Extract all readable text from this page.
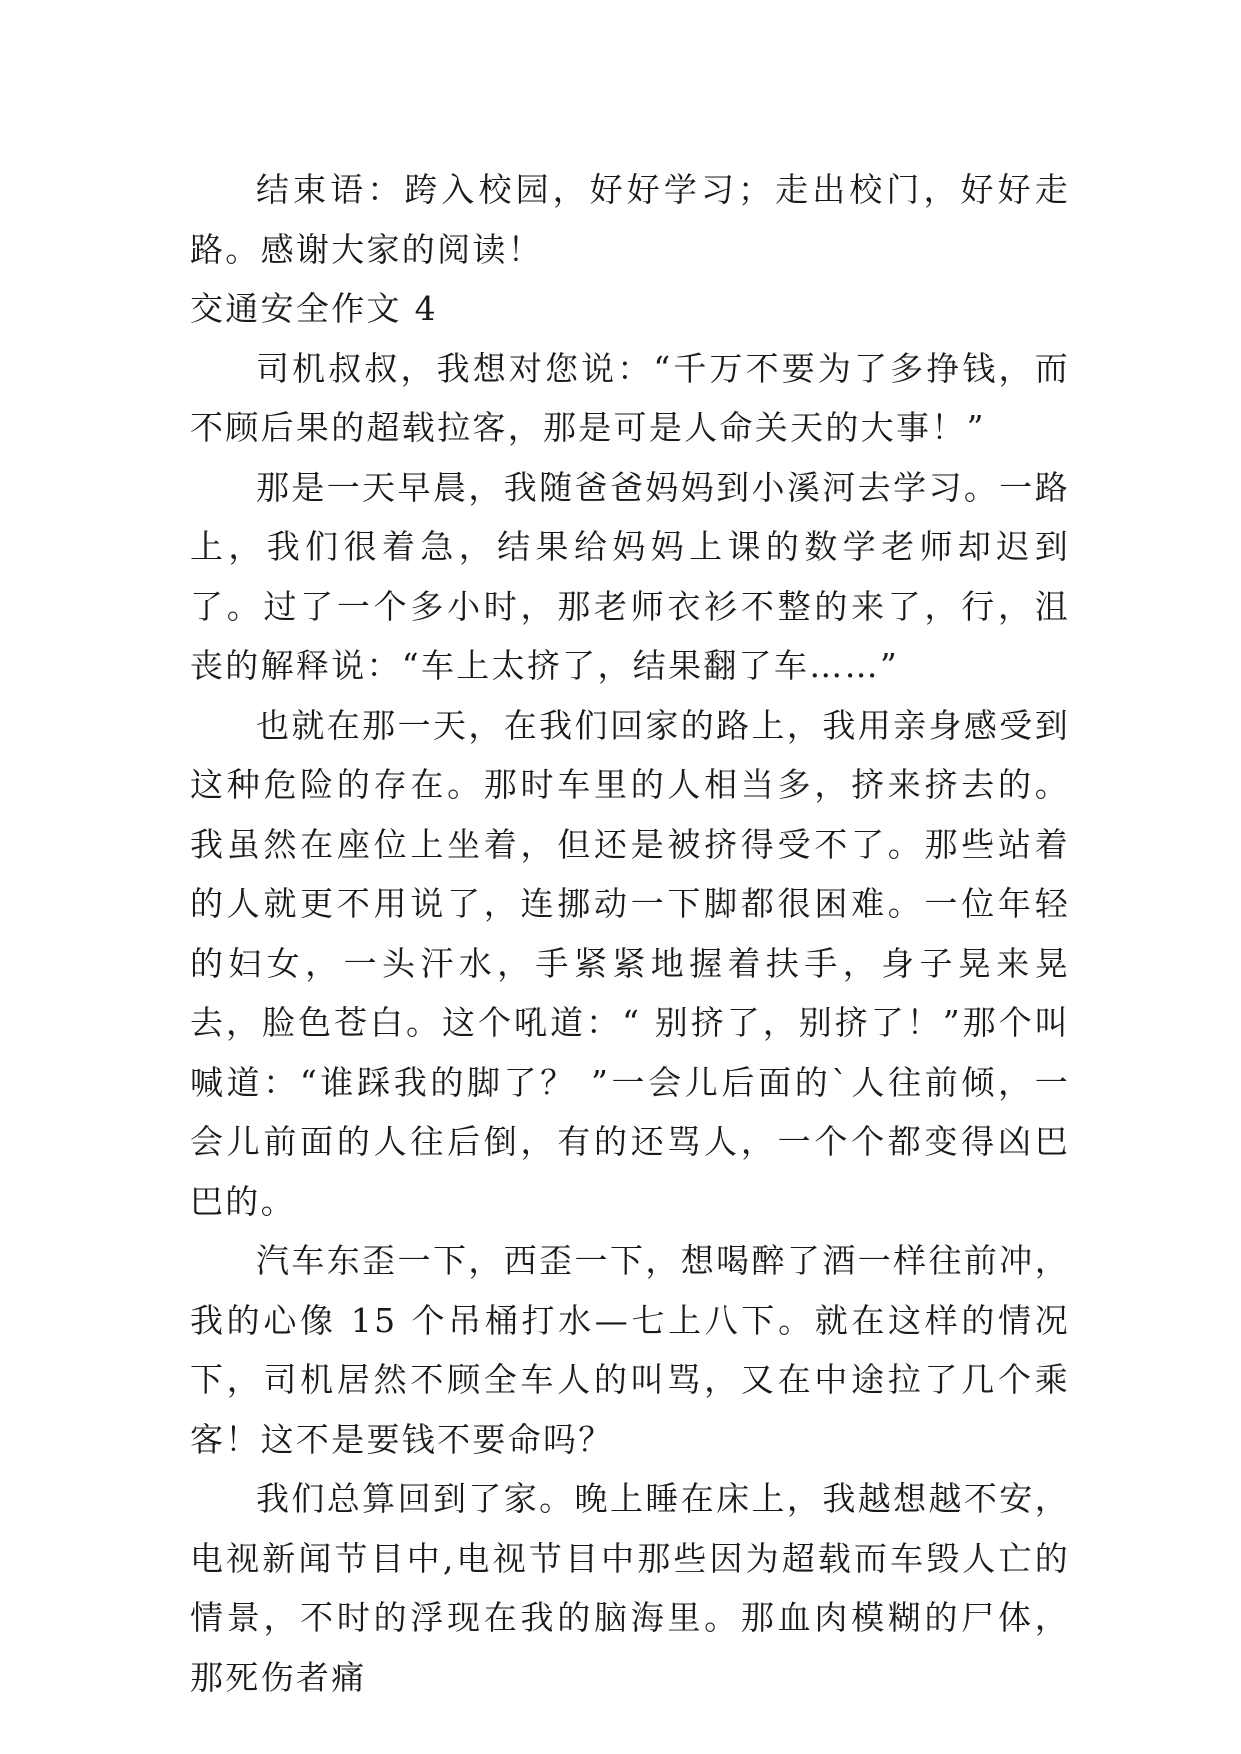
结束语：跨入校园，好好学习；走出校门，好好走路。感谢大家的阅读！

交通安全作文 4

司机叔叔，我想对您说：“千万不要为了多挣钱，而不顾后果的超载拉客，那是可是人命关天的大事！”

那是一天早晨，我随爸爸妈妈到小溪河去学习。一路上，我们很着急，结果给妈妈上课的数学老师却迟到了。过了一个多小时，那老师衣衫不整的来了，行，沮丧的解释说：“车上太挤了，结果翻了车……”

也就在那一天，在我们回家的路上，我用亲身感受到这种危险的存在。那时车里的人相当多，挤来挤去的。我虽然在座位上坐着，但还是被挤得受不了。那些站着的人就更不用说了，连挪动一下脚都很困难。一位年轻的妇女，一头汗水，手紧紧地握着扶手，身子晃来晃去，脸色苍白。这个吼道：“ 别挤了，别挤了！”那个叫喊道：“谁踩我的脚了？ ”一会儿后面的`人往前倾，一会儿前面的人往后倒，有的还骂人，一个个都变得凶巴巴的。

汽车东歪一下，西歪一下，想喝醉了酒一样往前冲，我的心像 15 个吊桶打水—七上八下。就在这样的情况下，司机居然不顾全车人的叫骂，又在中途拉了几个乘客！这不是要钱不要命吗？

我们总算回到了家。晚上睡在床上，我越想越不安，电视新闻节目中,电视节目中那些因为超载而车毁人亡的情景，不时的浮现在我的脑海里。那血肉模糊的尸体，那死伤者痛
